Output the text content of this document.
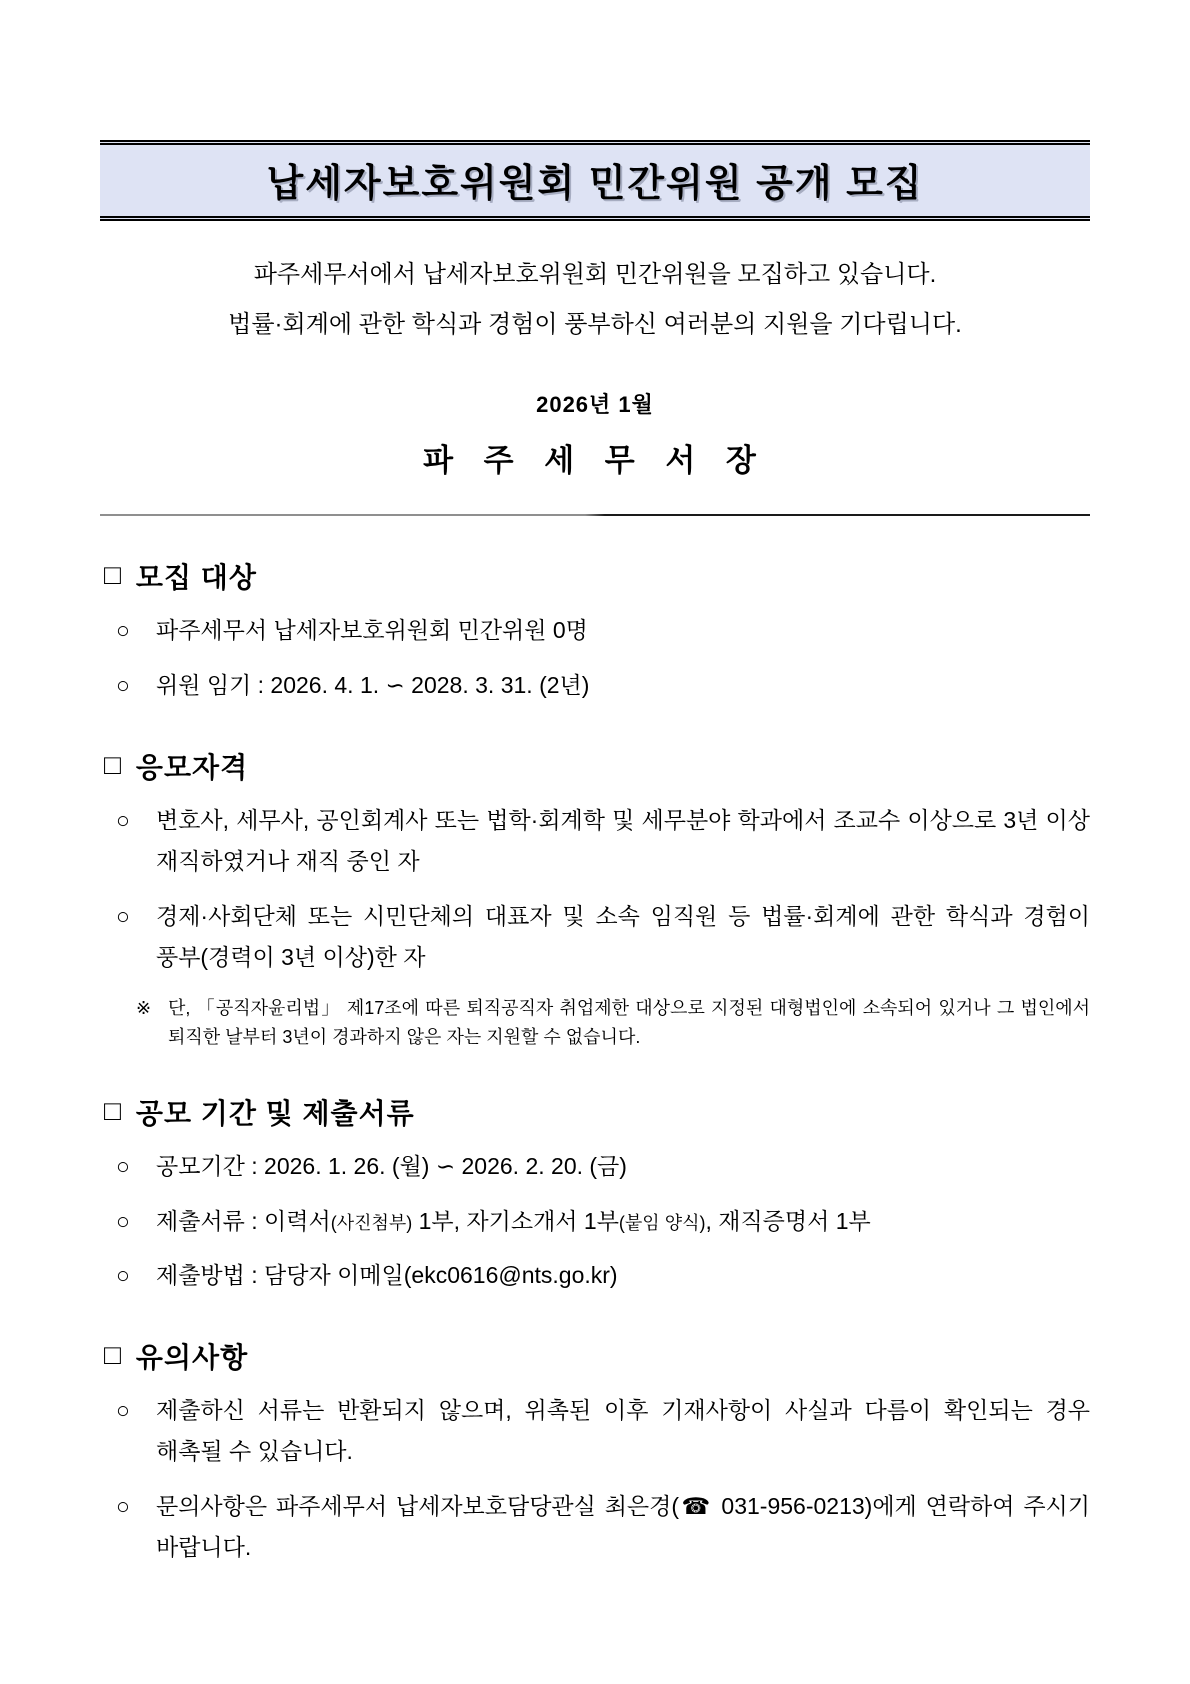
납세자보호위원회 민간위원 공개 모집

파주세무서에서 납세자보호위원회 민간위원을 모집하고 있습니다.

법률·회계에 관한 학식과 경험이 풍부하신 여러분의 지원을 기다립니다.

2026년 1월

파 주 세 무 서 장

□ 모집 대상
○	파주세무서 납세자보호위원회 민간위원 0명
○	위원 임기 : 2026. 4. 1. ∽ 2028. 3. 31. (2년)
□ 응모자격
○	변호사, 세무사, 공인회계사 또는 법학·회계학 및 세무분야 학과에서 조교수 이상으로 3년 이상 재직하였거나 재직 중인 자
○	경제·사회단체 또는 시민단체의 대표자 및 소속 임직원 등 법률·회계에 관한 학식과 경험이 풍부(경력이 3년 이상)한 자
※ 단, 「공직자윤리법」 제17조에 따른 퇴직공직자 취업제한 대상으로 지정된 대형법인에 소속되어 있거나 그 법인에서 퇴직한 날부터 3년이 경과하지 않은 자는 지원할 수 없습니다.
□ 공모 기간 및 제출서류
○	공모기간 : 2026. 1. 26. (월) ∽ 2026. 2. 20. (금)
○	제출서류 : 이력서(사진첨부) 1부, 자기소개서 1부(붙임 양식), 재직증명서 1부
○	제출방법 : 담당자 이메일(ekc0616@nts.go.kr)
□ 유의사항
○	제출하신 서류는 반환되지 않으며, 위촉된 이후 기재사항이 사실과 다름이 확인되는 경우 해촉될 수 있습니다.
○	문의사항은 파주세무서 납세자보호담당관실 최은경(☎ 031-956-0213)에게 연락하여 주시기 바랍니다.
